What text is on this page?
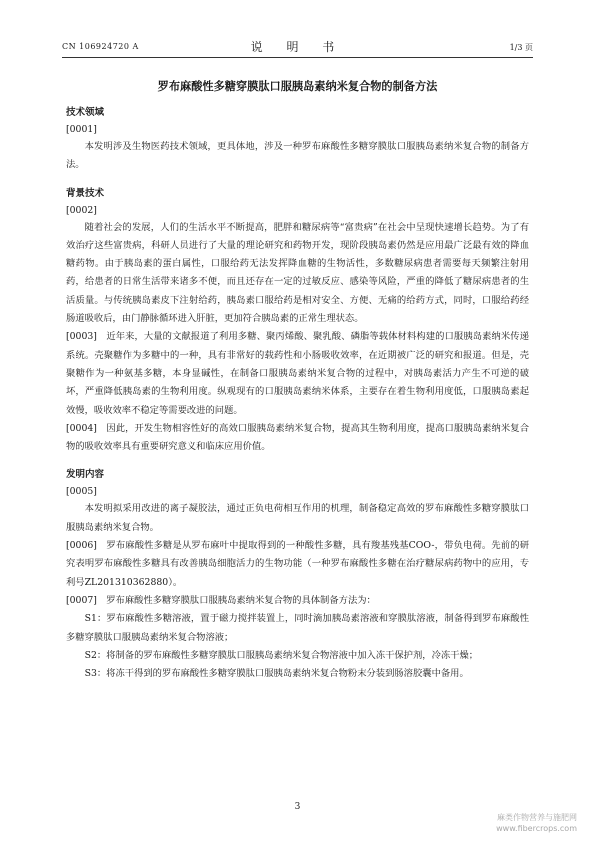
CN 106924720 A	说 明 书	1/3 页
罗布麻酸性多糖穿膜肽口服胰岛素纳米复合物的制备方法
技术领域
[0001]

本发明涉及生物医药技术领域，更具体地，涉及一种罗布麻酸性多糖穿膜肽口服胰岛素纳米复合物的制备方法。

背景技术
[0002]

随着社会的发展，人们的生活水平不断提高，肥胖和糖尿病等“富贵病”在社会中呈现快速增长趋势。为了有效治疗这些富贵病，科研人员进行了大量的理论研究和药物开发，现阶段胰岛素仍然是应用最广泛最有效的降血糖药物。由于胰岛素的蛋白属性，口服给药无法发挥降血糖的生物活性，多数糖尿病患者需要每天频繁注射用药，给患者的日常生活带来诸多不便，而且还存在一定的过敏反应、感染等风险，严重的降低了糖尿病患者的生活质量。与传统胰岛素皮下注射给药，胰岛素口服给药是相对安全、方便、无痛的给药方式，同时，口服给药经肠道吸收后，由门静脉循环进入肝脏，更加符合胰岛素的正常生理状态。

[0003] 近年来，大量的文献报道了利用多糖、聚丙烯酸、聚乳酸、磷脂等载体材料构建的口服胰岛素纳米传递系统。壳聚糖作为多糖中的一种，具有非常好的载药性和小肠吸收效率，在近期被广泛的研究和报道。但是，壳聚糖作为一种氨基多糖，本身显碱性，在制备口服胰岛素纳米复合物的过程中，对胰岛素活力产生不可逆的破坏，严重降低胰岛素的生物利用度。纵观现有的口服胰岛素纳米体系，主要存在着生物利用度低，口服胰岛素起效慢，吸收效率不稳定等需要改进的问题。

[0004] 因此，开发生物相容性好的高效口服胰岛素纳米复合物，提高其生物利用度，提高口服胰岛素纳米复合物的吸收效率具有重要研究意义和临床应用价值。

发明内容
[0005]

本发明拟采用改进的离子凝胶法，通过正负电荷相互作用的机理，制备稳定高效的罗布麻酸性多糖穿膜肽口服胰岛素纳米复合物。

[0006] 罗布麻酸性多糖是从罗布麻叶中提取得到的一种酸性多糖，具有羧基残基COO-，带负电荷。先前的研究表明罗布麻酸性多糖具有改善胰岛细胞活力的生物功能（一种罗布麻酸性多糖在治疗糖尿病药物中的应用，专利号ZL201310362880）。

[0007] 罗布麻酸性多糖穿膜肽口服胰岛素纳米复合物的具体制备方法为：

S1：罗布麻酸性多糖溶液，置于磁力搅拌装置上，同时滴加胰岛素溶液和穿膜肽溶液，制备得到罗布麻酸性多糖穿膜肽口服胰岛素纳米复合物溶液；

S2：将制备的罗布麻酸性多糖穿膜肽口服胰岛素纳米复合物溶液中加入冻干保护剂，冷冻干燥；

S3：将冻干得到的罗布麻酸性多糖穿膜肽口服胰岛素纳米复合物粉末分装到肠溶胶囊中备用。

3
麻类作物营养与施肥网
www.fibercrops.com
